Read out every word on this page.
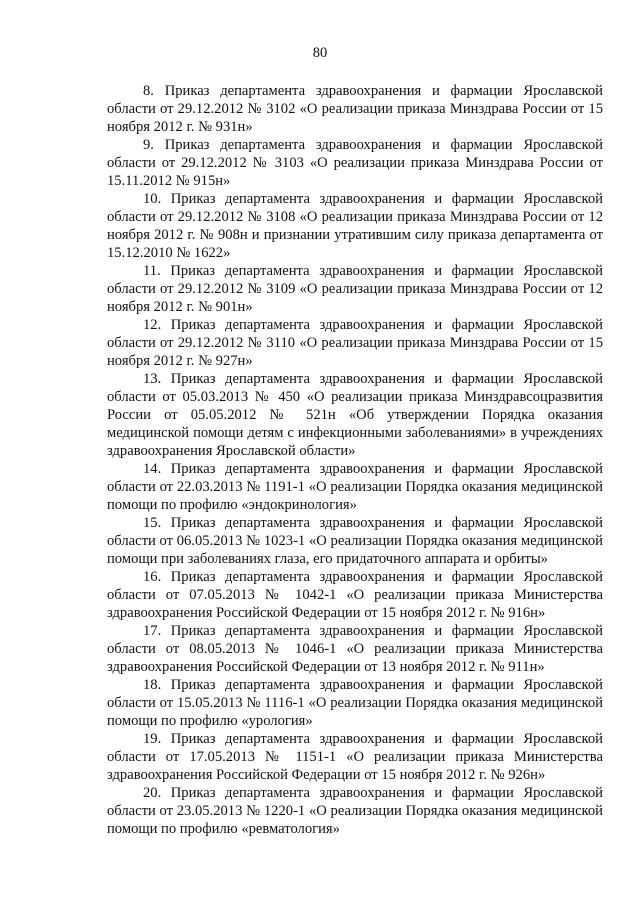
80

8. Приказ департамента здравоохранения и фармации Ярославской области от 29.12.2012 № 3102 «О реализации приказа Минздрава России от 15 ноября 2012 г. № 931н»

9. Приказ департамента здравоохранения и фармации Ярославской области от 29.12.2012 № 3103 «О реализации приказа Минздрава России от 15.11.2012 № 915н»

10. Приказ департамента здравоохранения и фармации Ярославской области от 29.12.2012 № 3108 «О реализации приказа Минздрава России от 12 ноября 2012 г. № 908н и признании утратившим силу приказа департамента от 15.12.2010 № 1622»

11. Приказ департамента здравоохранения и фармации Ярославской области от 29.12.2012 № 3109 «О реализации приказа Минздрава России от 12 ноября 2012 г. № 901н»

12. Приказ департамента здравоохранения и фармации Ярославской области от 29.12.2012 № 3110 «О реализации приказа Минздрава России от 15 ноября 2012 г. № 927н»

13. Приказ департамента здравоохранения и фармации Ярославской области от 05.03.2013 № 450 «О реализации приказа Минздравсоцразвития России от 05.05.2012 № 521н «Об утверждении Порядка оказания медицинской помощи детям с инфекционными заболеваниями» в учреждениях здравоохранения Ярославской области»

14. Приказ департамента здравоохранения и фармации Ярославской области от 22.03.2013 № 1191-1 «О реализации Порядка оказания медицинской помощи по профилю «эндокринология»

15. Приказ департамента здравоохранения и фармации Ярославской области от 06.05.2013 № 1023-1 «О реализации Порядка оказания медицинской помощи при заболеваниях глаза, его придаточного аппарата и орбиты»

16. Приказ департамента здравоохранения и фармации Ярославской области от 07.05.2013 № 1042-1 «О реализации приказа Министерства здравоохранения Российской Федерации от 15 ноября 2012 г. № 916н»

17. Приказ департамента здравоохранения и фармации Ярославской области от 08.05.2013 № 1046-1 «О реализации приказа Министерства здравоохранения Российской Федерации от 13 ноября 2012 г. № 911н»

18. Приказ департамента здравоохранения и фармации Ярославской области от 15.05.2013 № 1116-1 «О реализации Порядка оказания медицинской помощи по профилю «урология»

19. Приказ департамента здравоохранения и фармации Ярославской области от 17.05.2013 № 1151-1 «О реализации приказа Министерства здравоохранения Российской Федерации от 15 ноября 2012 г. № 926н»

20. Приказ департамента здравоохранения и фармации Ярославской области от 23.05.2013 № 1220-1 «О реализации Порядка оказания медицинской помощи по профилю «ревматология»
